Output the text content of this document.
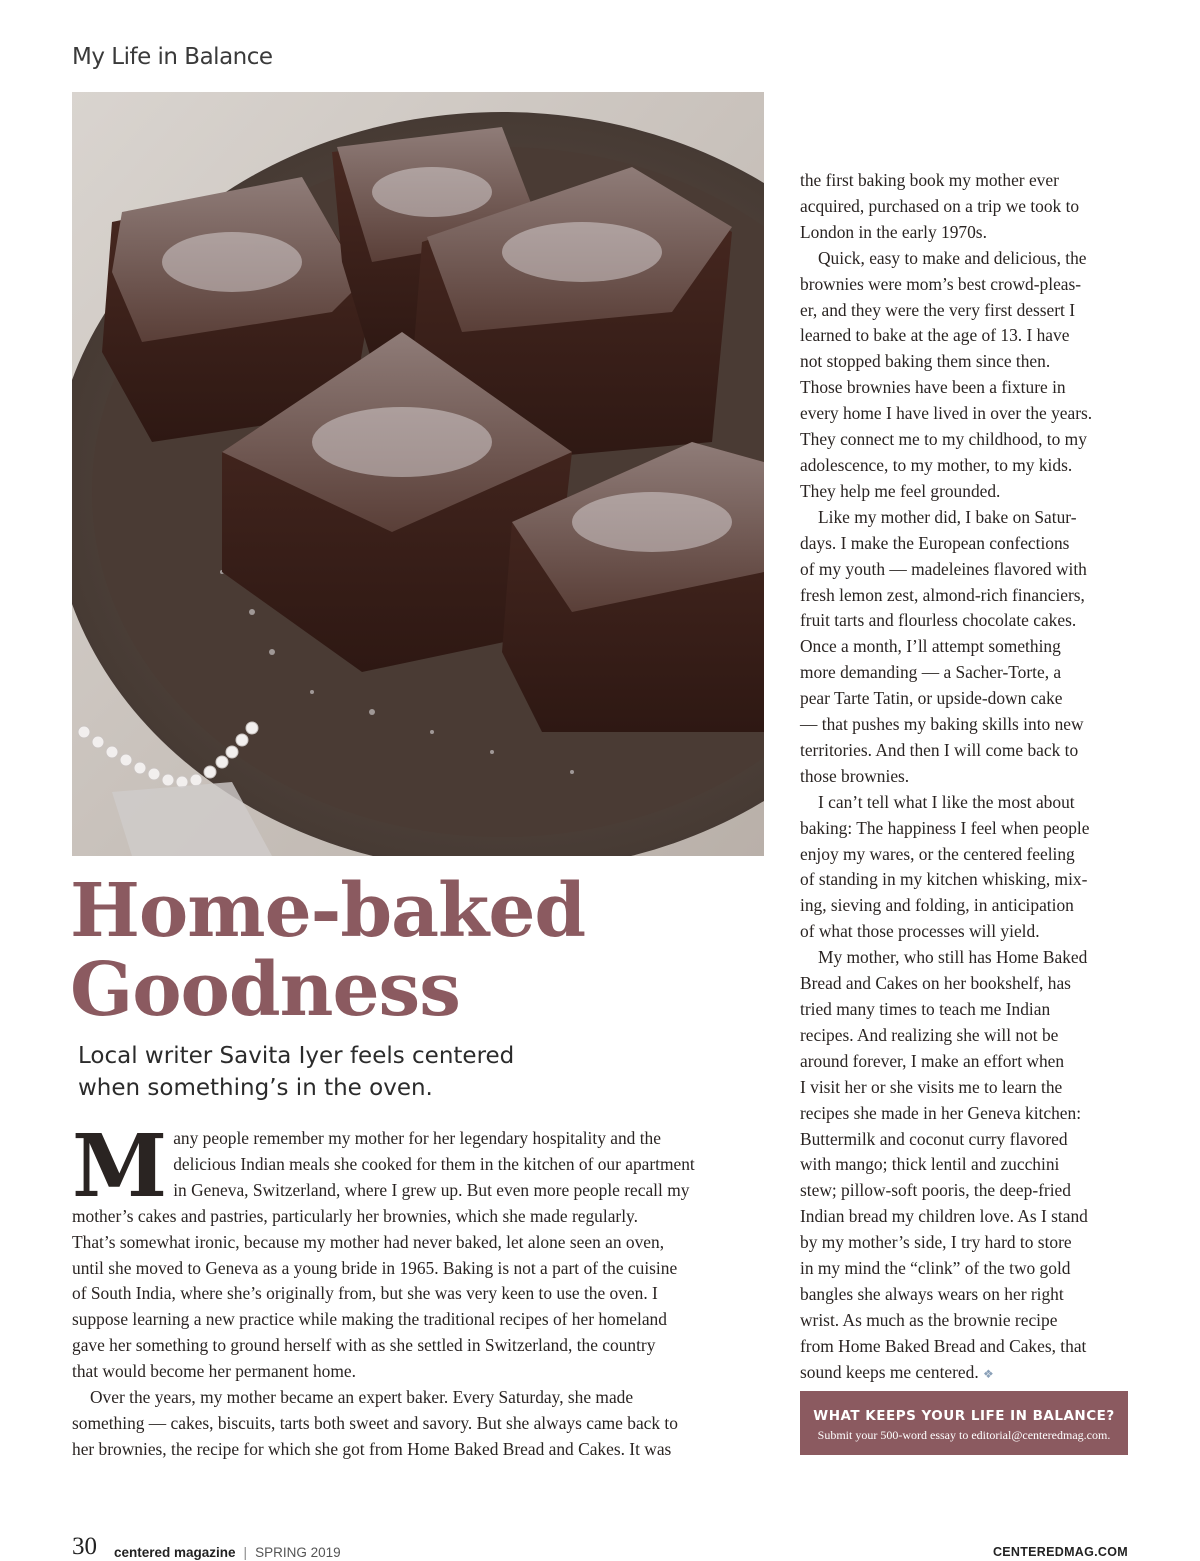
My Life in Balance
Home-baked
Goodness
Local writer Savita Iyer feels centered
when something’s in the oven.
M any people remember my mother for her legendary hospitality and the
delicious Indian meals she cooked for them in the kitchen of our apartment
in Geneva, Switzerland, where I grew up. But even more people recall my
mother’s cakes and pastries, particularly her brownies, which she made regularly.
That’s somewhat ironic, because my mother had never baked, let alone seen an oven,
until she moved to Geneva as a young bride in 1965. Baking is not a part of the cuisine
of South India, where she’s originally from, but she was very keen to use the oven. I
suppose learning a new practice while making the traditional recipes of her homeland
gave her something to ground herself with as she settled in Switzerland, the country
that would become her permanent home.
Over the years, my mother became an expert baker. Every Saturday, she made
something — cakes, biscuits, tarts both sweet and savory. But she always came back to
her brownies, the recipe for which she got from Home Baked Bread and Cakes. It was
the first baking book my mother ever
acquired, purchased on a trip we took to
London in the early 1970s.
Quick, easy to make and delicious, the
brownies were mom’s best crowd-pleas-
er, and they were the very first dessert I
learned to bake at the age of 13. I have
not stopped baking them since then.
Those brownies have been a fixture in
every home I have lived in over the years.
They connect me to my childhood, to my
adolescence, to my mother, to my kids.
They help me feel grounded.
Like my mother did, I bake on Satur-
days. I make the European confections
of my youth — madeleines flavored with
fresh lemon zest, almond-rich financiers,
fruit tarts and flourless chocolate cakes.
Once a month, I’ll attempt something
more demanding — a Sacher-Torte, a
pear Tarte Tatin, or upside-down cake
— that pushes my baking skills into new
territories. And then I will come back to
those brownies.
I can’t tell what I like the most about
baking: The happiness I feel when people
enjoy my wares, or the centered feeling
of standing in my kitchen whisking, mix-
ing, sieving and folding, in anticipation
of what those processes will yield.
My mother, who still has Home Baked
Bread and Cakes on her bookshelf, has
tried many times to teach me Indian
recipes. And realizing she will not be
around forever, I make an effort when
I visit her or she visits me to learn the
recipes she made in her Geneva kitchen:
Buttermilk and coconut curry flavored
with mango; thick lentil and zucchini
stew; pillow-soft pooris, the deep-fried
Indian bread my children love. As I stand
by my mother’s side, I try hard to store
in my mind the “clink” of the two gold
bangles she always wears on her right
wrist. As much as the brownie recipe
from Home Baked Bread and Cakes, that
sound keeps me centered. ❖
WHAT KEEPS YOUR LIFE IN BALANCE?
Submit your 500-word essay to editorial@centeredmag.com.
30 centered magazine | SPRING 2019	CENTEREDMAG.COM
